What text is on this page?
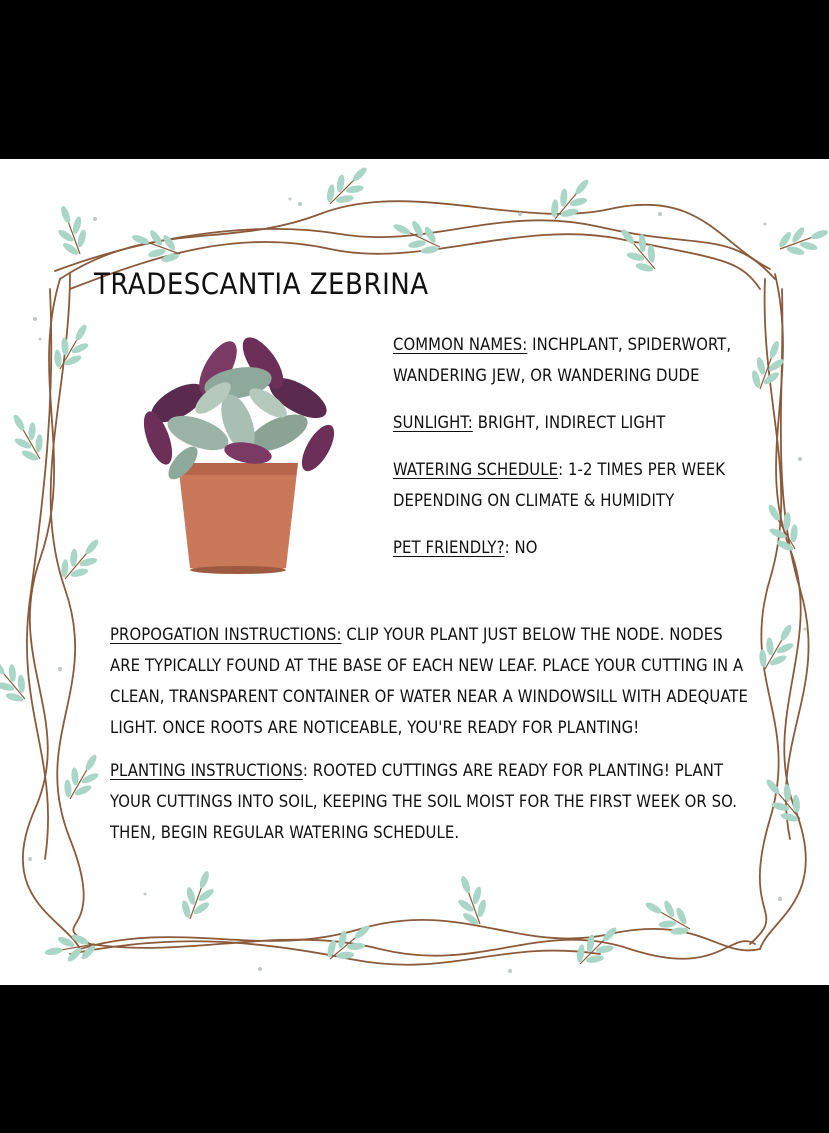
TRADESCANTIA ZEBRINA

COMMON NAMES: INCHPLANT, SPIDERWORT, WANDERING JEW, OR WANDERING DUDE

SUNLIGHT: BRIGHT, INDIRECT LIGHT

WATERING SCHEDULE: 1-2 TIMES PER WEEK DEPENDING ON CLIMATE & HUMIDITY

PET FRIENDLY?: NO

PROPOGATION INSTRUCTIONS: CLIP YOUR PLANT JUST BELOW THE NODE. NODES ARE TYPICALLY FOUND AT THE BASE OF EACH NEW LEAF. PLACE YOUR CUTTING IN A CLEAN, TRANSPARENT CONTAINER OF WATER NEAR A WINDOWSILL WITH ADEQUATE LIGHT. ONCE ROOTS ARE NOTICEABLE, YOU'RE READY FOR PLANTING!

PLANTING INSTRUCTIONS: ROOTED CUTTINGS ARE READY FOR PLANTING! PLANT YOUR CUTTINGS INTO SOIL, KEEPING THE SOIL MOIST FOR THE FIRST WEEK OR SO. THEN, BEGIN REGULAR WATERING SCHEDULE.
